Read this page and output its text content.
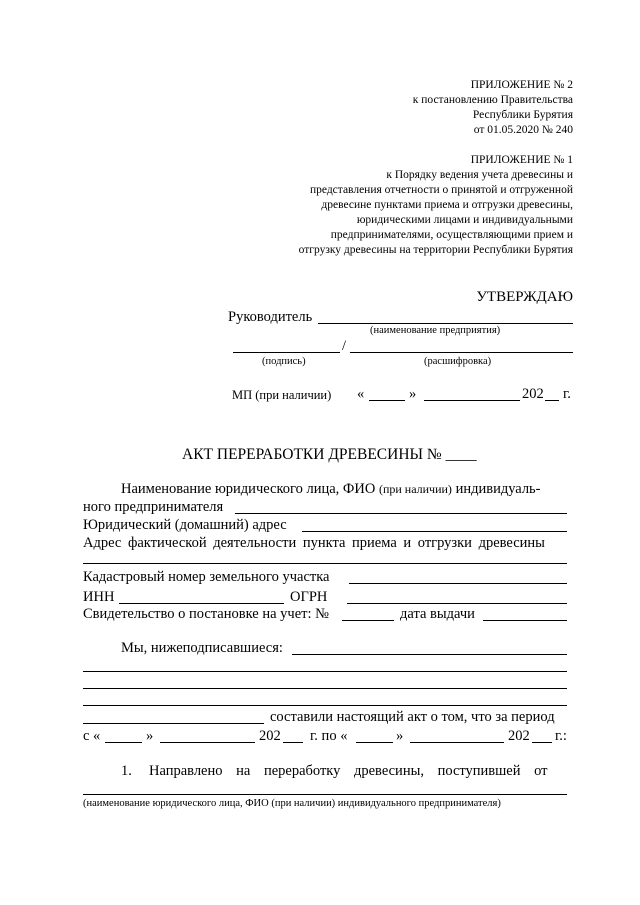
ПРИЛОЖЕНИЕ № 2
к постановлению Правительства
Республики Бурятия
от 01.05.2020 № 240
ПРИЛОЖЕНИЕ № 1
к Порядку ведения учета древесины и
представления отчетности о принятой и отгруженной
древесине пунктами приема и отгрузки древесины,
юридическими лицами и индивидуальными
предпринимателями, осуществляющими прием и
отгрузку древесины на территории Республики Бурятия
УТВЕРЖДАЮ
Руководитель
(наименование предприятия)
/
(подпись)	(расшифровка)
МП (при наличии) «	»	202 г.
АКТ ПЕРЕРАБОТКИ ДРЕВЕСИНЫ № ____
Наименование юридического лица, ФИО (при наличии) индивидуаль-
ного предпринимателя
Юридический (домашний) адрес
Адрес фактической деятельности пункта приема и отгрузки древесины
Кадастровый номер земельного участка
ИНН	ОГРН
Свидетельство о постановке на учет: №	дата выдачи
Мы, нижеподписавшиеся:
составили настоящий акт о том, что за период
с «	»	202 г. по «	»	202 г.:
1. Направлено на переработку древесины, поступившей от
(наименование юридического лица, ФИО (при наличии) индивидуального предпринимателя)
